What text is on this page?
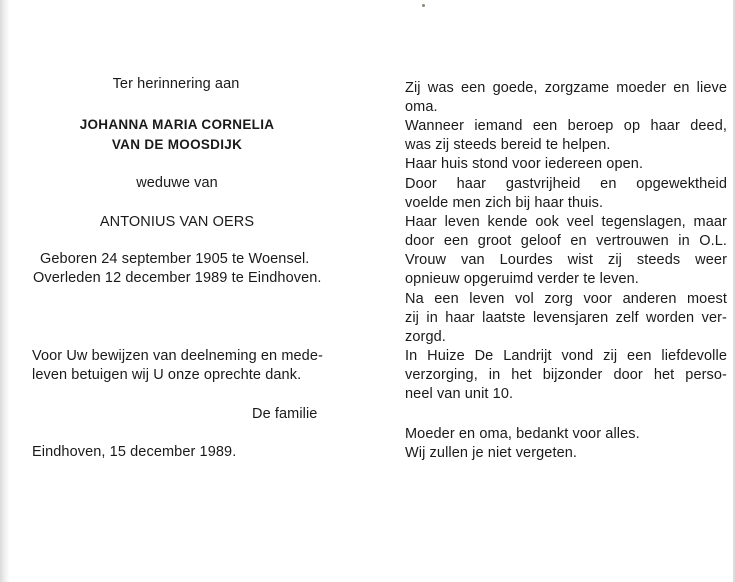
Ter herinnering aan
JOHANNA MARIA CORNELIA
VAN DE MOOSDIJK
weduwe van
ANTONIUS VAN OERS
Geboren 24 september 1905 te Woensel.
Overleden 12 december 1989 te Eindhoven.
Voor Uw bewijzen van deelneming en mede-
leven betuigen wij U onze oprechte dank.
De familie
Eindhoven, 15 december 1989.
Zij was een goede, zorgzame moeder en lieve
oma.
Wanneer iemand een beroep op haar deed,
was zij steeds bereid te helpen.
Haar huis stond voor iedereen open.
Door haar gastvrijheid en opgewektheid
voelde men zich bij haar thuis.
Haar leven kende ook veel tegenslagen, maar
door een groot geloof en vertrouwen in O.L.
Vrouw van Lourdes wist zij steeds weer
opnieuw opgeruimd verder te leven.
Na een leven vol zorg voor anderen moest
zij in haar laatste levensjaren zelf worden ver-
zorgd.
In Huize De Landrijt vond zij een liefdevolle
verzorging, in het bijzonder door het perso-
neel van unit 10.
Moeder en oma, bedankt voor alles.
Wij zullen je niet vergeten.
